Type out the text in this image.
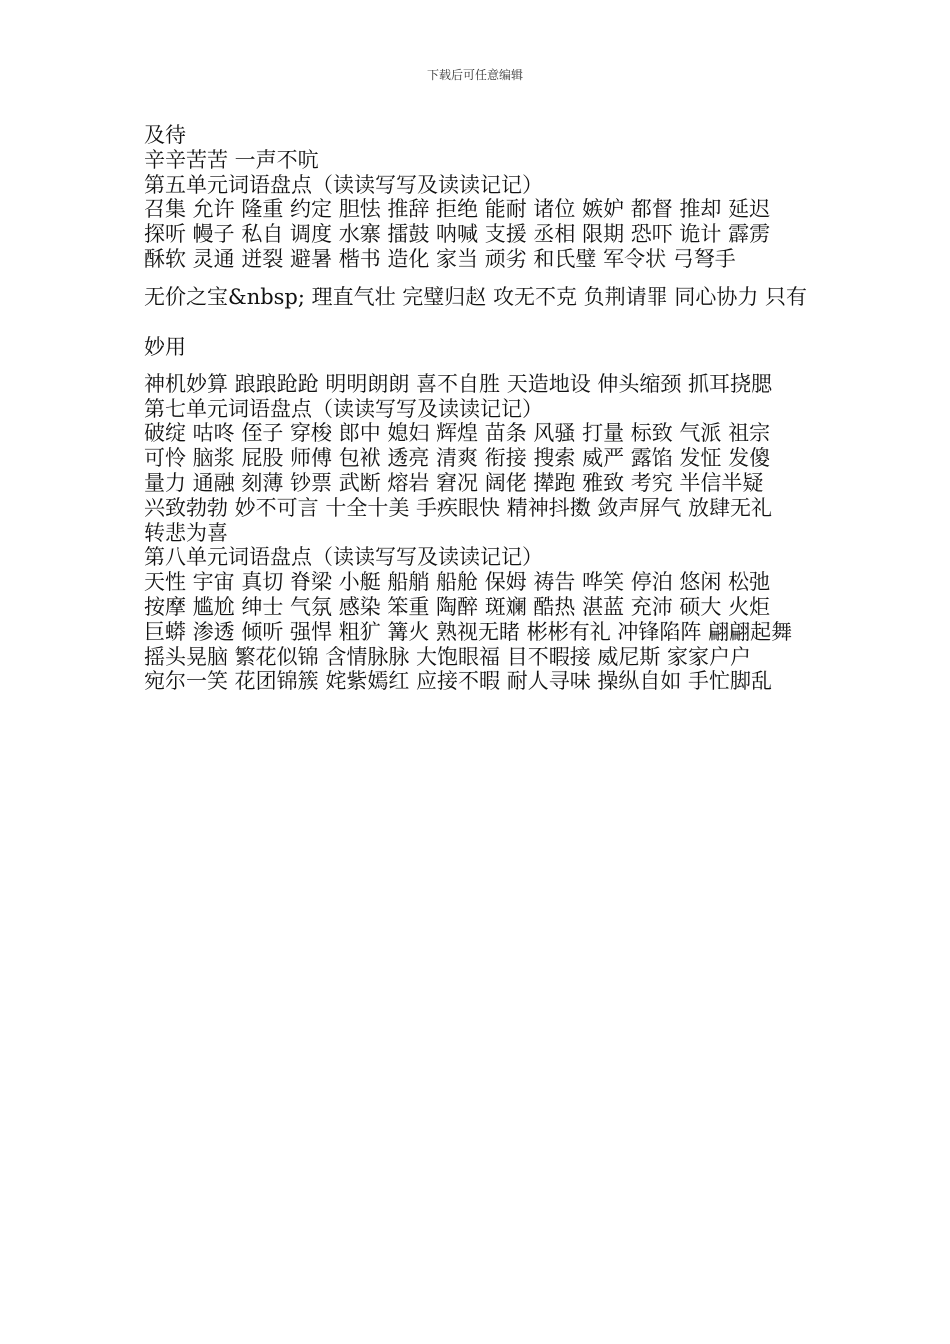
下载后可任意编辑

及待

辛辛苦苦 一声不吭

第五单元词语盘点（读读写写及读读记记）

召集 允许 隆重 约定 胆怯 推辞 拒绝 能耐 诸位 嫉妒 都督 推却 延迟

探听 幔子 私自 调度 水寨 擂鼓 呐喊 支援 丞相 限期 恐吓 诡计 霹雳

酥软 灵通 迸裂 避暑 楷书 造化 家当 顽劣 和氏璧 军令状 弓弩手

无价之宝&nbsp; 理直气壮 完璧归赵 攻无不克 负荆请罪 同心协力 只有妙用

神机妙算 踉踉跄跄 明明朗朗 喜不自胜 天造地设 伸头缩颈 抓耳挠腮

第七单元词语盘点（读读写写及读读记记）

破绽 咕咚 侄子 穿梭 郎中 媳妇 辉煌 苗条 风骚 打量 标致 气派 祖宗

可怜 脑浆 屁股 师傅 包袱 透亮 清爽 衔接 搜索 威严 露馅 发怔 发傻

量力 通融 刻薄 钞票 武断 熔岩 窘况 阔佬 撵跑 雅致 考究 半信半疑

兴致勃勃 妙不可言 十全十美 手疾眼快 精神抖擞 敛声屏气 放肆无礼

转悲为喜

第八单元词语盘点（读读写写及读读记记）

天性 宇宙 真切 脊梁 小艇 船艄 船舱 保姆 祷告 哗笑 停泊 悠闲 松弛

按摩 尴尬 绅士 气氛 感染 笨重 陶醉 斑斓 酷热 湛蓝 充沛 硕大 火炬

巨蟒 渗透 倾听 强悍 粗犷 篝火 熟视无睹 彬彬有礼 冲锋陷阵 翩翩起舞

摇头晃脑 繁花似锦 含情脉脉 大饱眼福 目不暇接 威尼斯 家家户户

宛尔一笑 花团锦簇 姹紫嫣红 应接不暇 耐人寻味 操纵自如 手忙脚乱
